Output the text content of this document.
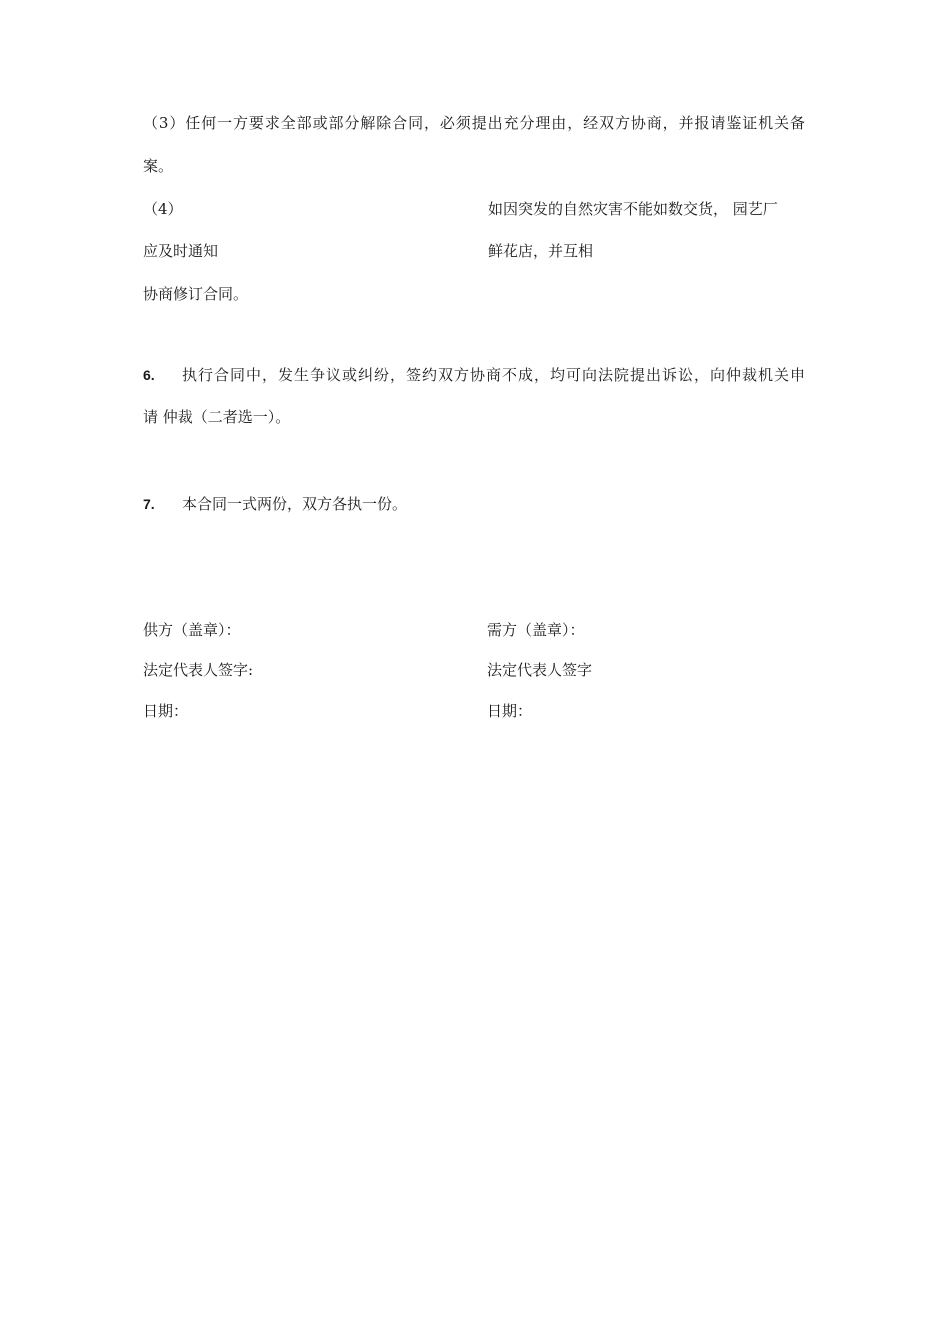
（3）任何一方要求全部或部分解除合同，必须提出充分理由，经双方协商，并报请鉴证机关备
案。
（4）	如因突发的自然灾害不能如数交货， 园艺厂
应及时通知	鲜花店，并互相
协商修订合同。
6. 执行合同中，发生争议或纠纷，签约双方协商不成，均可向法院提出诉讼，向仲裁机关申
请 仲裁（二者选一）。
7. 本合同一式两份，双方各执一份。
供方（盖章）：	需方（盖章）：
法定代表人签字:	法定代表人签字
日期：	日期：
